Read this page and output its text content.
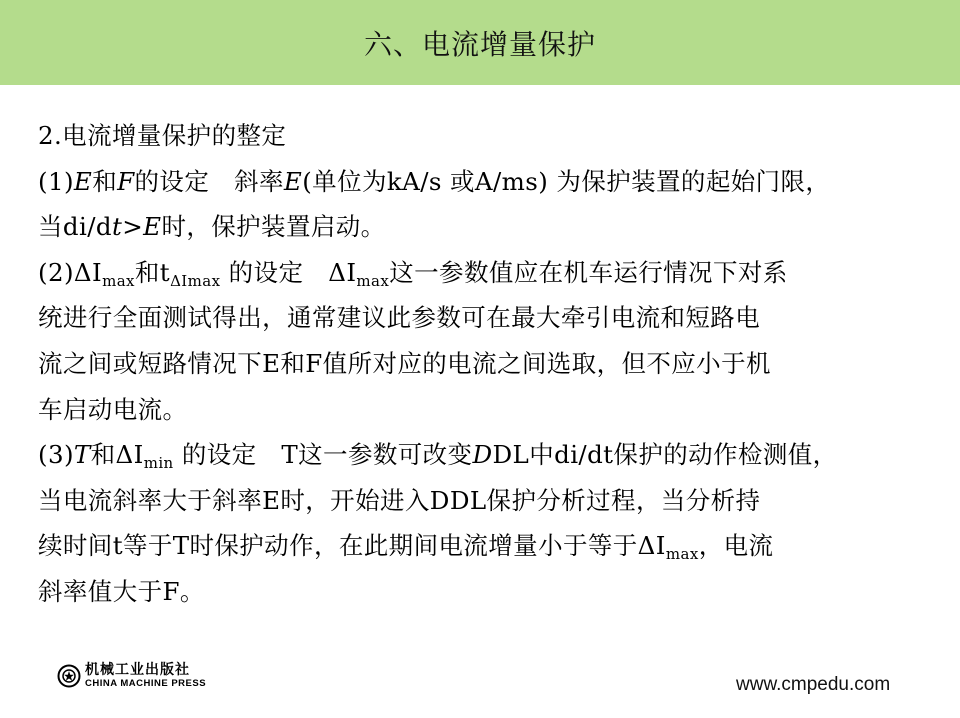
六、电流增量保护
2.电流增量保护的整定
(1)E和F的设定　斜率E(单位为kA/s 或A/ms) 为保护装置的起始门限，
当di/dt>E时，保护装置启动。
$(2)\Delta I_{max}$和$t_{\Delta Imax}$ 的设定　$\Delta I_{max}$这一参数值应在机车运行情况下对系
统进行全面测试得出，通常建议此参数可在最大牵引电流和短路电
流之间或短路情况下E和F值所对应的电流之间选取，但不应小于机
车启动电流。
(3)T和$\Delta I_{min}$ 的设定　T这一参数可改变DDL中di/dt保护的动作检测值，
当电流斜率大于斜率E时，开始进入DDL保护分析过程，当分析持
续时间t等于T时保护动作，在此期间电流增量小于等于$\Delta I_{max}$，电流
斜率值大于F。
机械工业出版社
CHINA MACHINE PRESS	www.cmpedu.com
